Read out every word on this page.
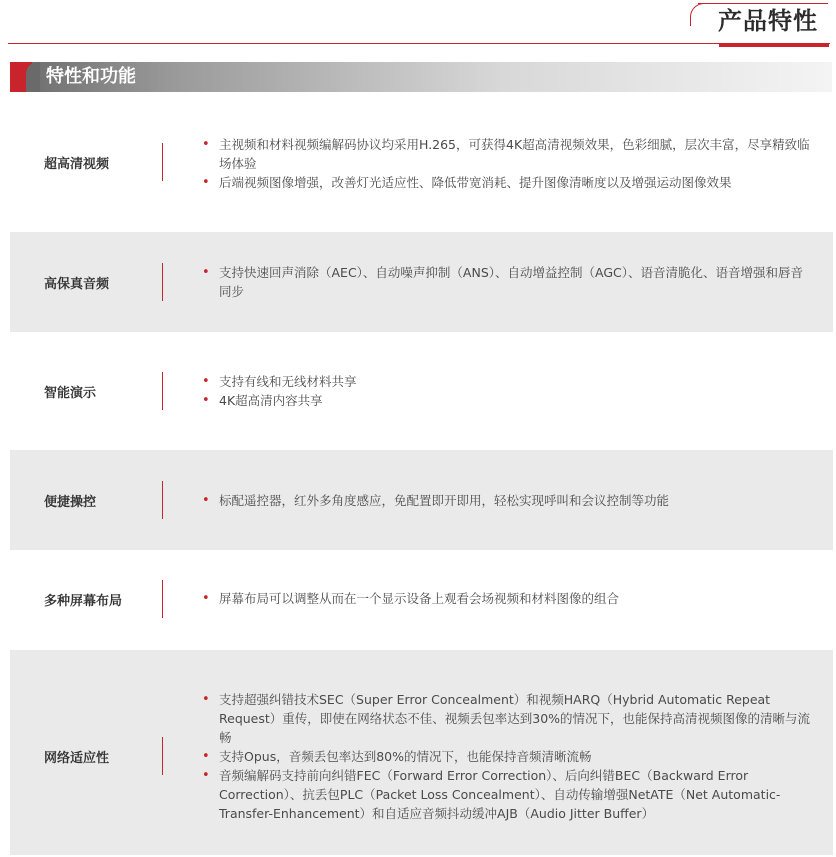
产品特性
特性和功能
超高清视频
• 主视频和材料视频编解码协议均采用H.265，可获得4K超高清视频效果，色彩细腻，层次丰富，尽享精致临场体验
• 后端视频图像增强，改善灯光适应性、降低带宽消耗、提升图像清晰度以及增强运动图像效果
高保真音频
• 支持快速回声消除（AEC）、自动噪声抑制（ANS）、自动增益控制（AGC）、语音清脆化、语音增强和唇音同步
智能演示
• 支持有线和无线材料共享
• 4K超高清内容共享
便捷操控	• 标配遥控器，红外多角度感应，免配置即开即用，轻松实现呼叫和会议控制等功能
多种屏幕布局	• 屏幕布局可以调整从而在一个显示设备上观看会场视频和材料图像的组合
网络适应性
• 支持超强纠错技术SEC（Super Error Concealment）和视频HARQ（Hybrid Automatic Repeat Request）重传，即使在网络状态不佳、视频丢包率达到30%的情况下，也能保持高清视频图像的清晰与流畅
• 支持Opus，音频丢包率达到80%的情况下，也能保持音频清晰流畅
• 音频编解码支持前向纠错FEC（Forward Error Correction）、后向纠错BEC（Backward Error Correction）、抗丢包PLC（Packet Loss Concealment）、自动传输增强NetATE（Net Automatic-Transfer-Enhancement）和自适应音频抖动缓冲AJB（Audio Jitter Buffer）
